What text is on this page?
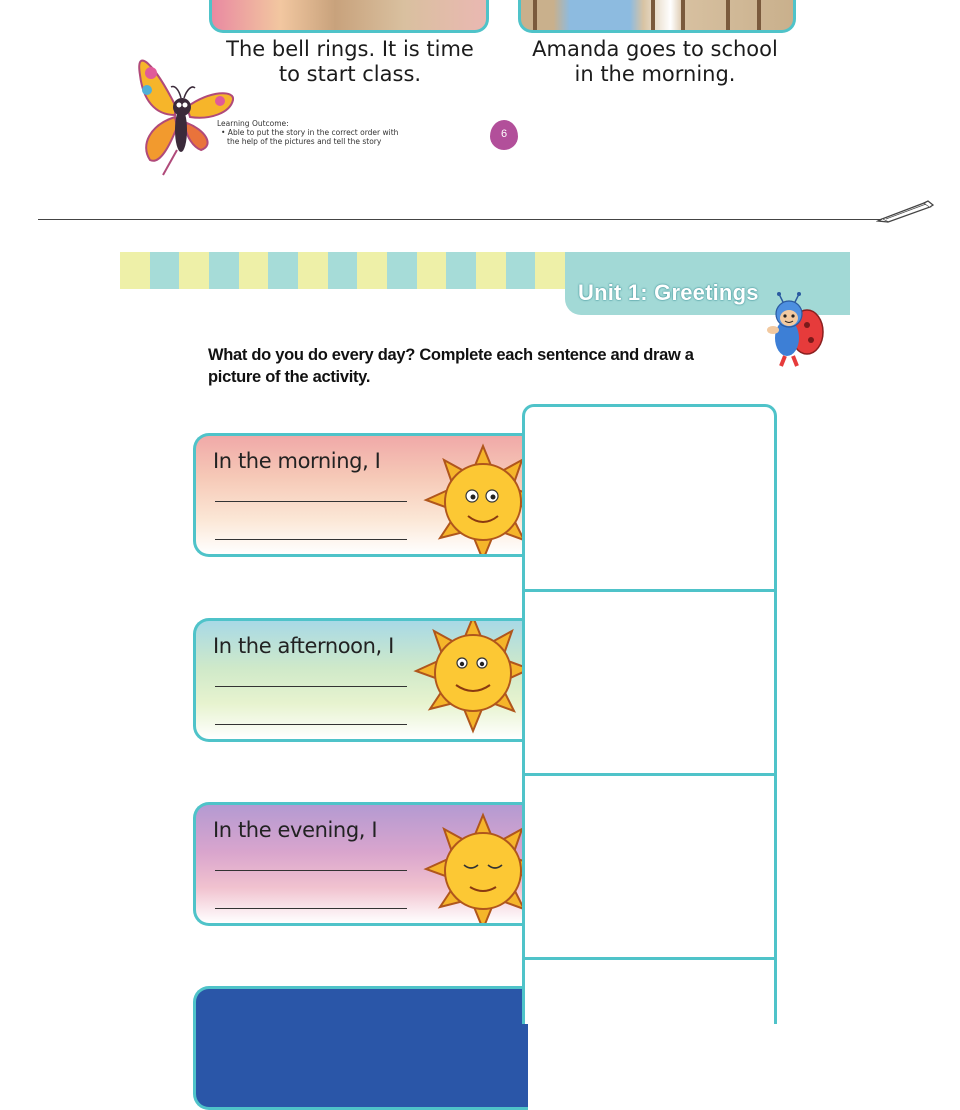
The bell rings. It is time to start class.
Amanda goes to school in the morning.
Learning Outcome:
• Able to put the story in the correct order with
the help of the pictures and tell the story
6
Unit 1: Greetings
What do you do every day? Complete each sentence and draw a picture of the activity.
In the morning, I
In the afternoon, I
In the evening, I
